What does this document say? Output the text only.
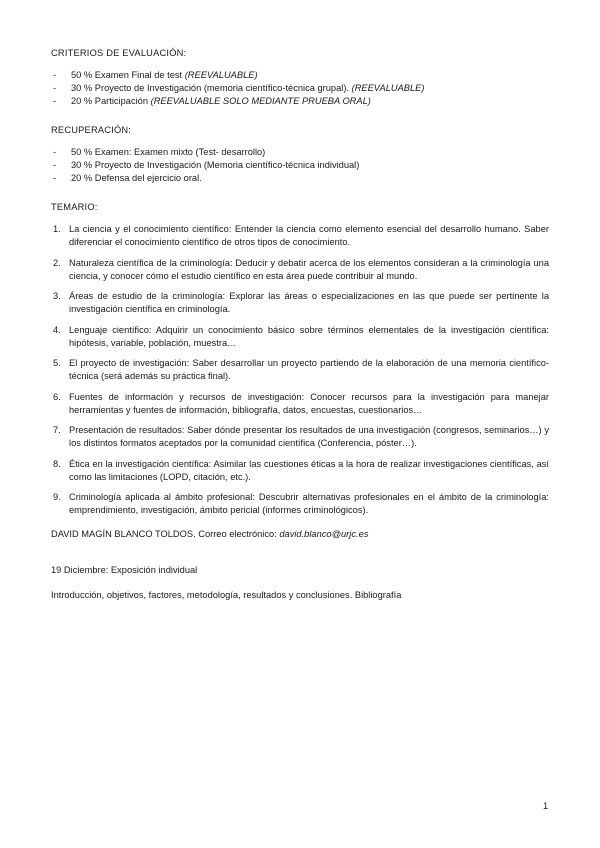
CRITERIOS DE EVALUACIÓN:
- 50 % Examen Final de test (REEVALUABLE)
- 30 % Proyecto de Investigación (memoria científico-técnica grupal). (REEVALUABLE)
- 20 % Participación (REEVALUABLE SOLO MEDIANTE PRUEBA ORAL)
RECUPERACIÓN:
- 50 % Examen: Examen mixto (Test- desarrollo)
- 30 % Proyecto de Investigación (Memoria científico-técnica individual)
- 20 % Defensa del ejercicio oral.
TEMARIO:
1. La ciencia y el conocimiento científico: Entender la ciencia como elemento esencial del desarrollo humano. Saber diferenciar el conocimiento científico de otros tipos de conocimiento.
2. Naturaleza científica de la criminología: Deducir y debatir acerca de los elementos consideran a la criminología una ciencia, y conocer cómo el estudio científico en esta área puede contribuir al mundo.
3. Áreas de estudio de la criminología: Explorar las áreas o especializaciones en las que puede ser pertinente la investigación científica en criminología.
4. Lenguaje científico: Adquirir un conocimiento básico sobre términos elementales de la investigación científica: hipótesis, variable, población, muestra…
5. El proyecto de investigación: Saber desarrollar un proyecto partiendo de la elaboración de una memoria científico-técnica (será además su práctica final).
6. Fuentes de información y recursos de investigación: Conocer recursos para la investigación para manejar herramientas y fuentes de información, bibliografía, datos, encuestas, cuestionarios…
7. Presentación de resultados: Saber dónde presentar los resultados de una investigación (congresos, seminarios…) y los distintos formatos aceptados por la comunidad científica (Conferencia, póster…).
8. Ética en la investigación científica: Asimilar las cuestiones éticas a la hora de realizar investigaciones científicas, así como las limitaciones (LOPD, citación, etc.).
9. Criminología aplicada al ámbito profesional: Descubrir alternativas profesionales en el ámbito de la criminología: emprendimiento, investigación, ámbito pericial (informes criminológicos).
DAVID MAGÍN BLANCO TOLDOS. Correo electrónico: david.blanco@urjc.es
19 Diciembre: Exposición individual
Introducción, objetivos, factores, metodología, resultados y conclusiones. Bibliografía
1
